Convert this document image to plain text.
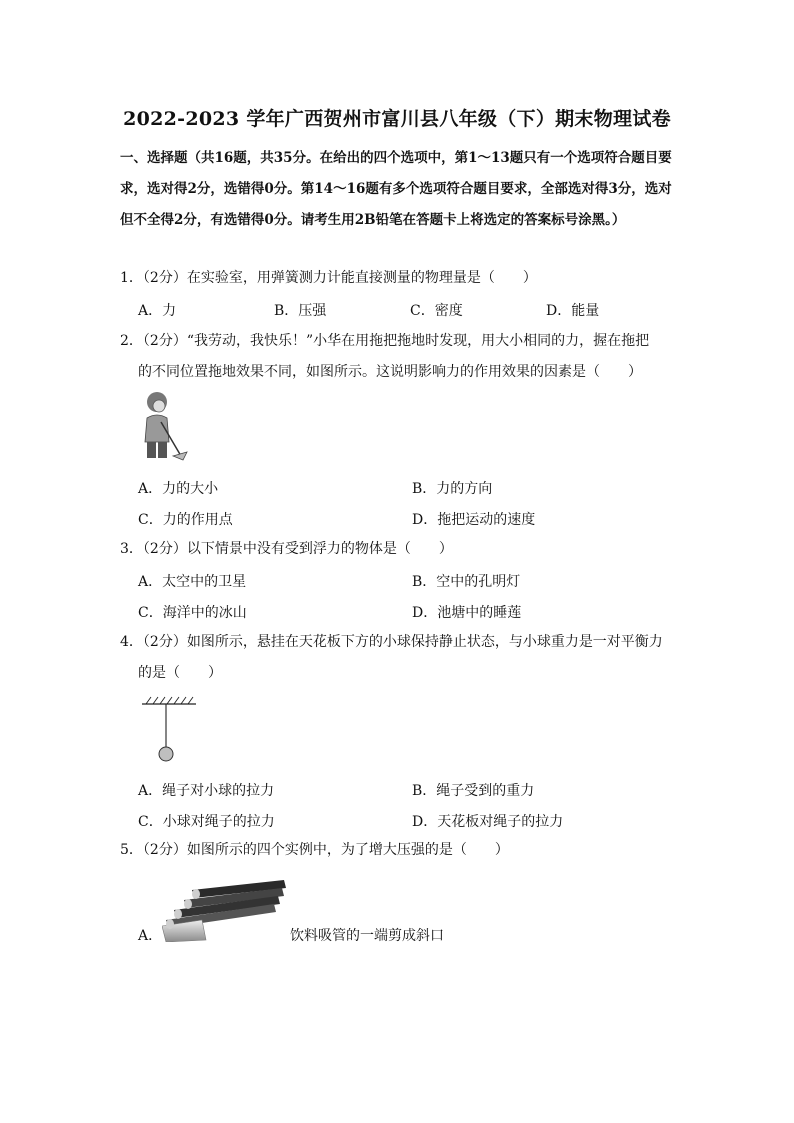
2022-2023 学年广西贺州市富川县八年级（下）期末物理试卷
一、选择题（共16题，共35分。在给出的四个选项中，第1～13题只有一个选项符合题目要求，选对得2分，选错得0分。第14～16题有多个选项符合题目要求，全部选对得3分，选对但不全得2分，有选错得0分。请考生用2B铅笔在答题卡上将选定的答案标号涂黑。）
1．（2分）在实验室，用弹簧测力计能直接测量的物理量是（　　）
A．力	B．压强	C．密度	D．能量
2．（2分）“我劳动，我快乐！”小华在用拖把拖地时发现，用大小相同的力，握在拖把
的不同位置拖地效果不同，如图所示。这说明影响力的作用效果的因素是（　　）
A．力的大小	B．力的方向
C．力的作用点	D．拖把运动的速度
3．（2分）以下情景中没有受到浮力的物体是（　　）
A．太空中的卫星	B．空中的孔明灯
C．海洋中的冰山	D．池塘中的睡莲
4．（2分）如图所示，悬挂在天花板下方的小球保持静止状态，与小球重力是一对平衡力
的是（　　）
A．绳子对小球的拉力	B．绳子受到的重力
C．小球对绳子的拉力	D．天花板对绳子的拉力
5．（2分）如图所示的四个实例中，为了增大压强的是（　　）
A．	饮料吸管的一端剪成斜口
